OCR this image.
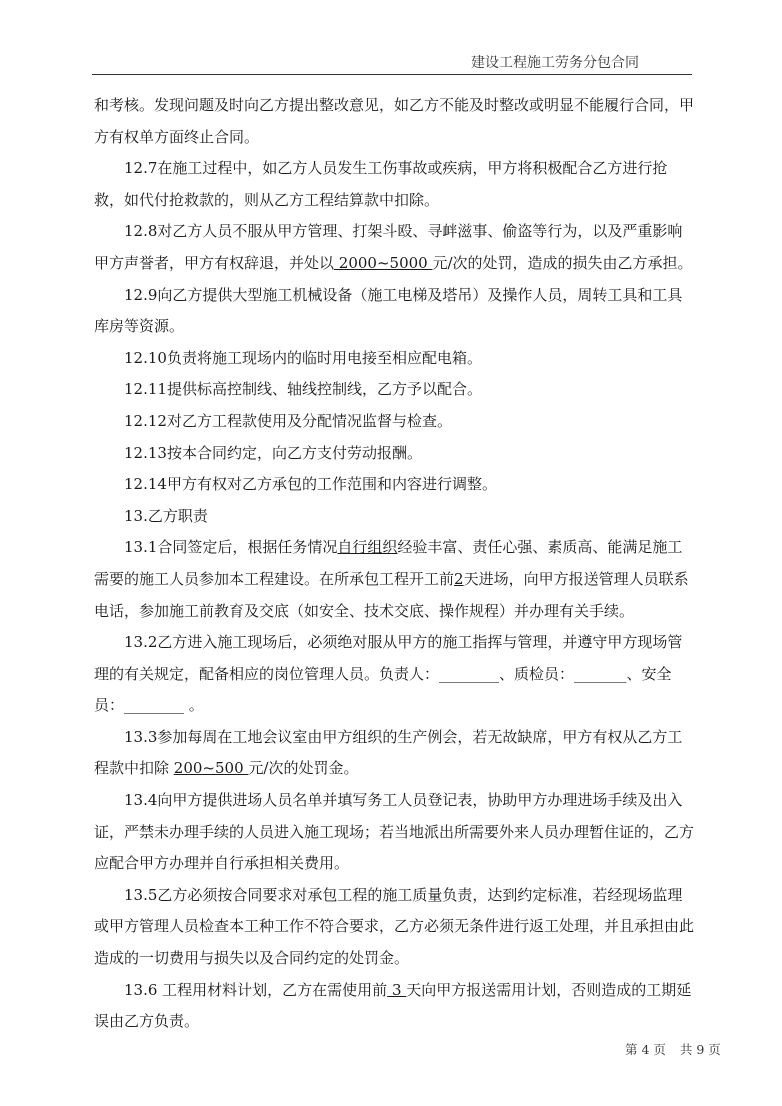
建设工程施工劳务分包合同

和考核。发现问题及时向乙方提出整改意见，如乙方不能及时整改或明显不能履行合同，甲方有权单方面终止合同。

12.7在施工过程中，如乙方人员发生工伤事故或疾病，甲方将积极配合乙方进行抢救，如代付抢救款的，则从乙方工程结算款中扣除。

12.8对乙方人员不服从甲方管理、打架斗殴、寻衅滋事、偷盗等行为，以及严重影响甲方声誉者，甲方有权辞退，并处以 2000~5000 元/次的处罚，造成的损失由乙方承担。

12.9向乙方提供大型施工机械设备（施工电梯及塔吊）及操作人员，周转工具和工具库房等资源。

12.10负责将施工现场内的临时用电接至相应配电箱。

12.11提供标高控制线、轴线控制线，乙方予以配合。

12.12对乙方工程款使用及分配情况监督与检查。

12.13按本合同约定，向乙方支付劳动报酬。

12.14甲方有权对乙方承包的工作范围和内容进行调整。

13.乙方职责

13.1合同签定后，根据任务情况自行组织经验丰富、责任心强、素质高、能满足施工需要的施工人员参加本工程建设。在所承包工程开工前2天进场，向甲方报送管理人员联系电话，参加施工前教育及交底（如安全、技术交底、操作规程）并办理有关手续。

13.2乙方进入施工现场后，必须绝对服从甲方的施工指挥与管理，并遵守甲方现场管理的有关规定，配备相应的岗位管理人员。负责人：________、质检员：_______、安全员：________ 。

13.3参加每周在工地会议室由甲方组织的生产例会，若无故缺席，甲方有权从乙方工程款中扣除 200~500 元/次的处罚金。

13.4向甲方提供进场人员名单并填写务工人员登记表，协助甲方办理进场手续及出入证，严禁未办理手续的人员进入施工现场；若当地派出所需要外来人员办理暂住证的，乙方应配合甲方办理并自行承担相关费用。

13.5乙方必须按合同要求对承包工程的施工质量负责，达到约定标准，若经现场监理或甲方管理人员检查本工种工作不符合要求，乙方必须无条件进行返工处理，并且承担由此造成的一切费用与损失以及合同约定的处罚金。

13.6 工程用材料计划，乙方在需使用前 3 天向甲方报送需用计划，否则造成的工期延误由乙方负责。

第 4 页 共 9 页
